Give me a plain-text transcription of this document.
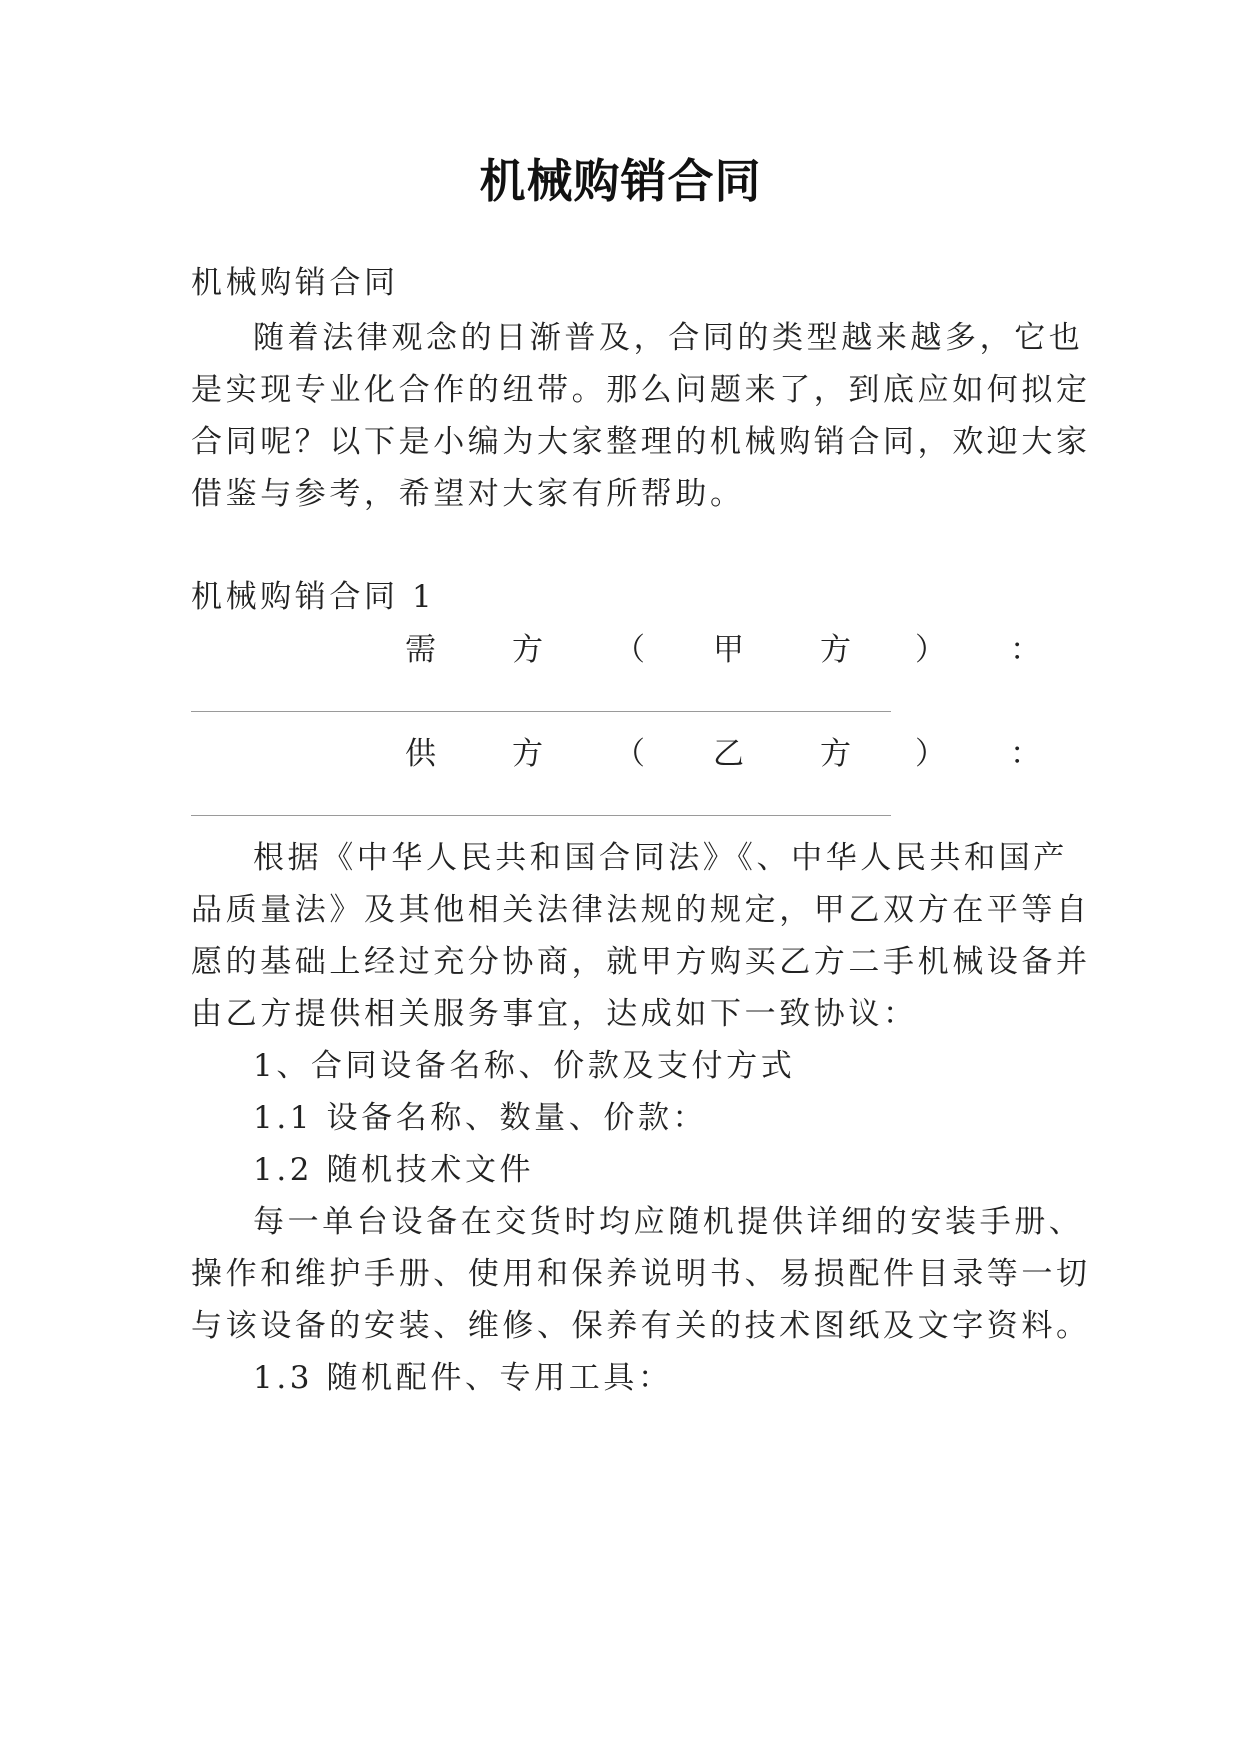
机械购销合同
机械购销合同
随着法律观念的日渐普及，合同的类型越来越多，它也
是实现专业化合作的纽带。那么问题来了，到底应如何拟定
合同呢？以下是小编为大家整理的机械购销合同，欢迎大家
借鉴与参考，希望对大家有所帮助。
机械购销合同 1
需 方 （ 甲 方 ） ：
供 方 （ 乙 方 ） ：
根据《中华人民共和国合同法》《、中华人民共和国产
品质量法》及其他相关法律法规的规定，甲乙双方在平等自
愿的基础上经过充分协商，就甲方购买乙方二手机械设备并
由乙方提供相关服务事宜，达成如下一致协议：
1、合同设备名称、价款及支付方式
1.1 设备名称、数量、价款：
1.2 随机技术文件
每一单台设备在交货时均应随机提供详细的安装手册、
操作和维护手册、使用和保养说明书、易损配件目录等一切
与该设备的安装、维修、保养有关的技术图纸及文字资料。
1.3 随机配件、专用工具：
